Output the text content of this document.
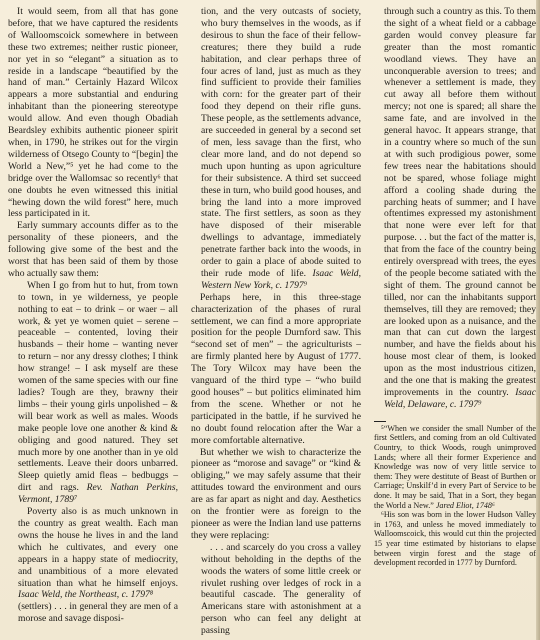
It would seem, from all that has gone before, that we have captured the residents of Walloomscoick somewhere in between these two extremes; neither rustic pioneer, nor yet in so “elegant” a situation as to reside in a landscape “beautified by the hand of man.” Certainly Hazard Wilcox appears a more substantial and enduring inhabitant than the pioneering stereotype would allow. And even though Obadiah Beardsley exhibits authentic pioneer spirit when, in 1790, he strikes out for the virgin wilderness of Otsego County to “[begin] the World a New,”⁵ yet he had come to the bridge over the Wallomsac so recently⁶ that one doubts he even witnessed this initial “hewing down the wild forest” here, much less participated in it.

Early summary accounts differ as to the personality of these pioneers, and the following give some of the best and the worst that has been said of them by those who actually saw them:

When I go from hut to hut, from town to town, in ye wilderness, ye people nothing to eat – to drink – or waer – all work, & yet ye women quiet – serene – peaceable – contented, loving their husbands – their home – wanting never to return – nor any dressy clothes; I think how strange! – I ask myself are these women of the same species with our fine ladies? Tough are they, brawny their limbs – their young girls unpolished – & will bear work as well as males. Woods make people love one another & kind & obliging and good natured. They set much more by one another than in ye old settlements. Leave their doors unbarred. Sleep quietly amid fleas – bedbuggs – dirt and rags. Rev. Nathan Perkins, Vermont, 1789⁷

Poverty also is as much unknown in the country as great wealth. Each man owns the house he lives in and the land which he cultivates, and every one appears in a happy state of mediocrity, and unambitious of a more elevated situation than what he himself enjoys. Isaac Weld, the Northeast, c. 1797⁸

(settlers) . . . in general they are men of a morose and savage disposi-

tion, and the very outcasts of society, who bury themselves in the woods, as if desirous to shun the face of their fellow-creatures; there they build a rude habitation, and clear perhaps three of four acres of land, just as much as they find sufficient to provide their families with corn: for the greater part of their food they depend on their rifle guns. These people, as the settlements advance, are succeeded in general by a second set of men, less savage than the first, who clear more land, and do not depend so much upon hunting as upon agriculture for their subsistence. A third set succeed these in turn, who build good houses, and bring the land into a more improved state. The first settlers, as soon as they have disposed of their miserable dwellings to advantage, immediately penetrate farther back into the woods, in order to gain a place of abode suited to their rude mode of life. Isaac Weld, Western New York, c. 1797⁹

Perhaps here, in this three-stage characterization of the phases of rural settlement, we can find a more appropriate position for the people Durnford saw. This “second set of men” – the agriculturists – are firmly planted here by August of 1777. The Tory Wilcox may have been the vanguard of the third type – “who build good houses” – but politics eliminated him from the scene. Whether or not he participated in the battle, if he survived he no doubt found relocation after the War a more comfortable alternative.

But whether we wish to characterize the pioneer as “morose and savage” or “kind & obliging,” we may safely assume that their attitudes toward the environment and ours are as far apart as night and day. Aesthetics on the frontier were as foreign to the pioneer as were the Indian land use patterns they were replacing:

. . . and scarcely do you cross a valley without beholding in the depths of the woods the waters of some little creek or rivulet rushing over ledges of rock in a beautiful cascade. The generality of Americans stare with astonishment at a person who can feel any delight at passing

through such a country as this. To them the sight of a wheat field or a cabbage garden would convey pleasure far greater than the most romantic woodland views. They have an unconquerable aversion to trees; and whenever a settlement is made, they cut away all before them without mercy; not one is spared; all share the same fate, and are involved in the general havoc. It appears strange, that in a country where so much of the sun at with such prodigious power, some few trees near the habitations should not be spared, whose foliage might afford a cooling shade during the parching heats of summer; and I have oftentimes expressed my astonishment that none were ever left for that purpose. . . but the fact of the matter is, that from the face of the country being entirely overspread with trees, the eyes of the people become satiated with the sight of them. The ground cannot be tilled, nor can the inhabitants support themselves, till they are removed; they are looked upon as a nuisance, and the man that can cut down the largest number, and have the fields about his house most clear of them, is looked upon as the most industrious citizen, and the one that is making the greatest improvements in the country. Isaac Weld, Delaware, c. 1797⁹

⁵“When we consider the small Number of the first Settlers, and coming from an old Cultivated Country, to thick Woods, rough unimproved Lands; where all their former Experience and Knowledge was now of very little service to them: They were destitute of Beast of Burthen or Carriage; Unskilf’d in every Part of Service to be done. It may be said, That in a Sort, they began the World a New.” Jared Eliot, 1748⁶

⁶His son was born in the lower Hudson Valley in 1763, and unless he moved immediately to Walloomscoick, this would cut thin the projected 15 year time estimated by historians to elapse between virgin forest and the stage of development recorded in 1777 by Durnford.
